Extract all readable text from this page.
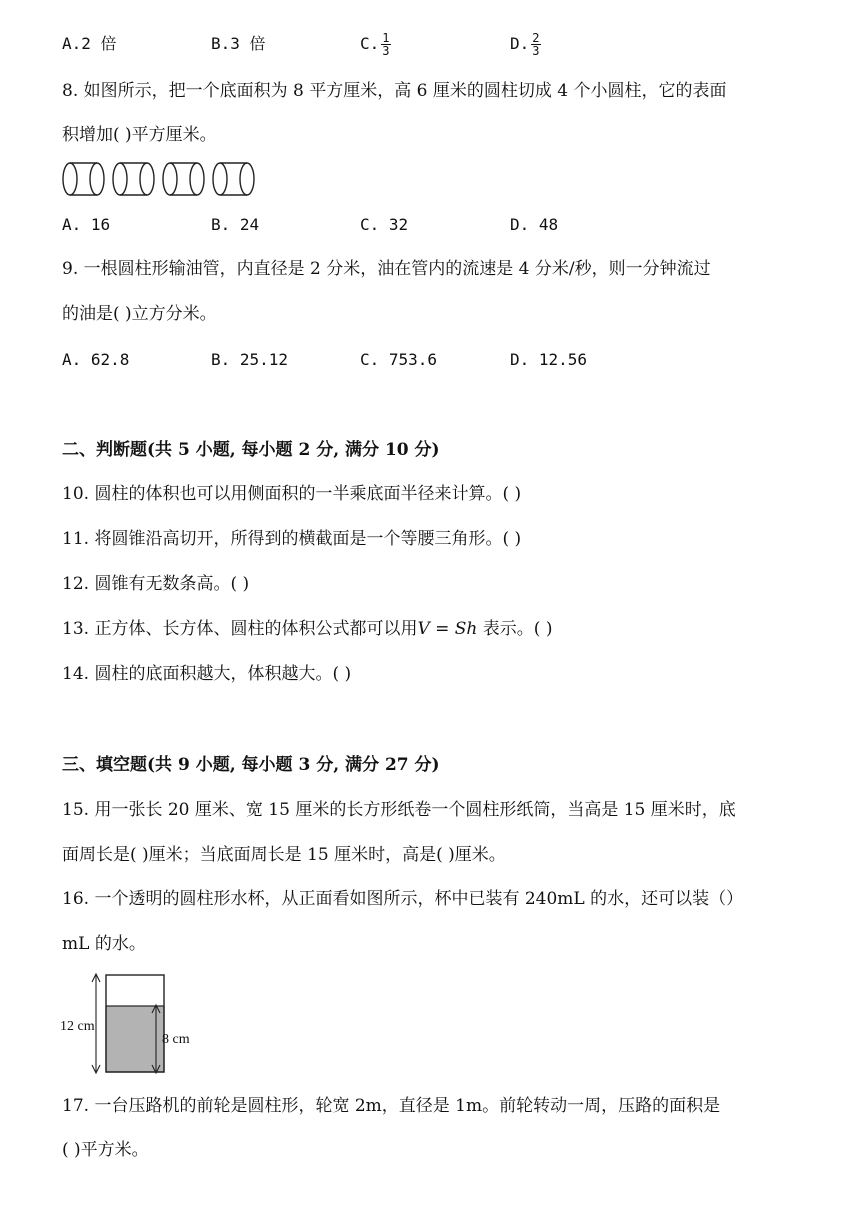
A.2 倍	B.3 倍	C. $\frac{1}{3}$	D. $\frac{2}{3}$
8. 如图所示，把一个底面积为 8 平方厘米，高 6 厘米的圆柱切成 4 个小圆柱，它的表面
积增加( )平方厘米。
A. 16	B. 24	C. 32	D. 48
9. 一根圆柱形输油管，内直径是 2 分米，油在管内的流速是 4 分米/秒，则一分钟流过
的油是( )立方分米。
A. 62.8	B. 25.12	C. 753.6	D. 12.56
二、判断题(共 5 小题, 每小题 2 分, 满分 10 分)
10. 圆柱的体积也可以用侧面积的一半乘底面半径来计算。( )
11. 将圆锥沿高切开，所得到的横截面是一个等腰三角形。( )
12. 圆锥有无数条高。( )
13. 正方体、长方体、圆柱的体积公式都可以用V = Sh 表示。( )
14. 圆柱的底面积越大，体积越大。( )
三、填空题(共 9 小题, 每小题 3 分, 满分 27 分)
15. 用一张长 20 厘米、宽 15 厘米的长方形纸卷一个圆柱形纸筒，当高是 15 厘米时，底
面周长是( )厘米；当底面周长是 15 厘米时，高是( )厘米。
16. 一个透明的圆柱形水杯，从正面看如图所示，杯中已装有 240mL 的水，还可以装（）
mL 的水。
12 cm
8 cm
17. 一台压路机的前轮是圆柱形，轮宽 2m，直径是 1m。前轮转动一周，压路的面积是
( )平方米。
